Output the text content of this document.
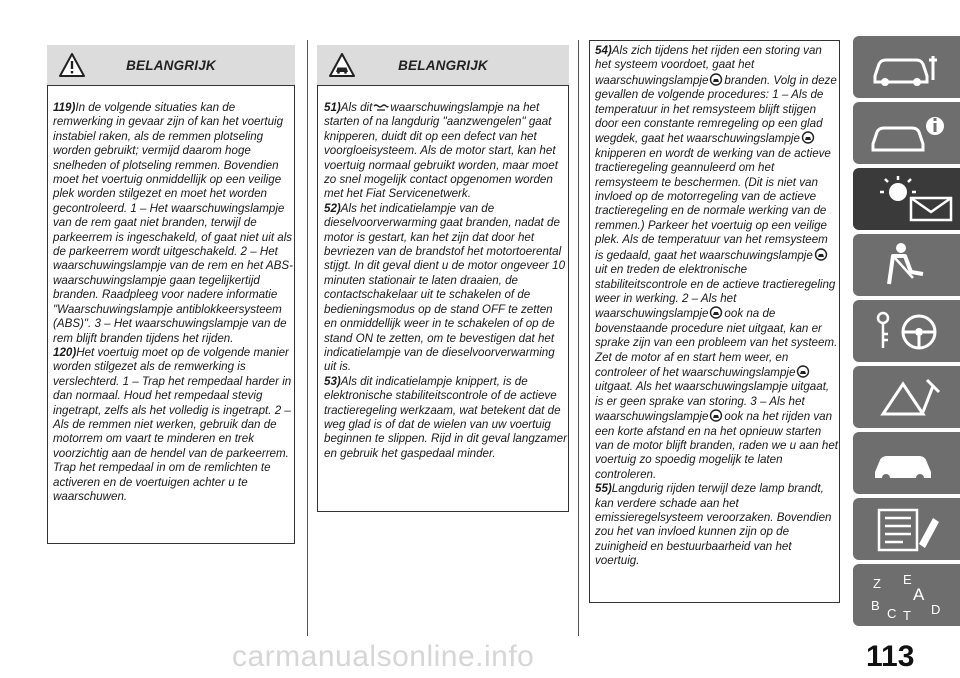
BELANGRIJK

119)In de volgende situaties kan de remwerking in gevaar zijn of kan het voertuig instabiel raken, als de remmen plotseling worden gebruikt; vermijd daarom hoge snelheden of plotseling remmen. Bovendien moet het voertuig onmiddellijk op een veilige plek worden stilgezet en moet het worden gecontroleerd. 1 – Het waarschuwingslampje van de rem gaat niet branden, terwijl de parkeerrem is ingeschakeld, of gaat niet uit als de parkeerrem wordt uitgeschakeld. 2 – Het waarschuwingslampje van de rem en het ABS-waarschuwingslampje gaan tegelijkertijd branden. Raadpleeg voor nadere informatie "Waarschuwingslampje antiblokkeersysteem (ABS)". 3 – Het waarschuwingslampje van de rem blijft branden tijdens het rijden.

120)Het voertuig moet op de volgende manier worden stilgezet als de remwerking is verslechterd. 1 – Trap het rempedaal harder in dan normaal. Houd het rempedaal stevig ingetrapt, zelfs als het volledig is ingetrapt. 2 – Als de remmen niet werken, gebruik dan de motorrem om vaart te minderen en trek voorzichtig aan de hendel van de parkeerrem. Trap het rempedaal in om de remlichten te activeren en de voertuigen achter u te waarschuwen.

BELANGRIJK

51)Als dit waarschuwingslampje na het starten of na langdurig "aanzwengelen" gaat knipperen, duidt dit op een defect van het voorgloeisysteem. Als de motor start, kan het voertuig normaal gebruikt worden, maar moet zo snel mogelijk contact opgenomen worden met het Fiat Servicenetwerk.

52)Als het indicatielampje van de dieselvoorverwarming gaat branden, nadat de motor is gestart, kan het zijn dat door het bevriezen van de brandstof het motortoerental stijgt. In dit geval dient u de motor ongeveer 10 minuten stationair te laten draaien, de contactschakelaar uit te schakelen of de bedieningsmodus op de stand OFF te zetten en onmiddellijk weer in te schakelen of op de stand ON te zetten, om te bevestigen dat het indicatielampje van de dieselvoorverwarming uit is.

53)Als dit indicatielampje knippert, is de elektronische stabiliteitscontrole of de actieve tractieregeling werkzaam, wat betekent dat de weg glad is of dat de wielen van uw voertuig beginnen te slippen. Rijd in dit geval langzamer en gebruik het gaspedaal minder.

54)Als zich tijdens het rijden een storing van het systeem voordoet, gaat het waarschuwingslampje branden. Volg in deze gevallen de volgende procedures: 1 – Als de temperatuur in het remsysteem blijft stijgen door een constante remregeling op een glad wegdek, gaat het waarschuwingslampjeknipperen en wordt de werking van de actieve tractieregeling geannuleerd om het remsysteem te beschermen. (Dit is niet van invloed op de motorregeling van de actieve tractieregeling en de normale werking van de remmen.) Parkeer het voertuig op een veilige plek. Als de temperatuur van het remsysteem is gedaald, gaat het waarschuwingslampjeuit en treden de elektronische stabiliteitscontrole en de actieve tractieregeling weer in werking. 2 – Als het waarschuwingslampje ook na de bovenstaande procedure niet uitgaat, kan er sprake zijn van een probleem van het systeem. Zet de motor af en start hem weer, en controleer of het waarschuwingslampjeuitgaat. Als het waarschuwingslampje uitgaat, is er geen sprake van storing. 3 – Als het waarschuwingslampje ook na het rijden van een korte afstand en na het opnieuw starten van de motor blijft branden, raden we u aan het voertuig zo spoedig mogelijk te laten controleren.

55)Langdurig rijden terwijl deze lamp brandt, kan verdere schade aan het emissieregelsysteem veroorzaken. Bovendien zou het van invloed kunnen zijn op de zuinigheid en bestuurbaarheid van het voertuig.

Z E
A
B
C T D
carmanualsonline.info	113
